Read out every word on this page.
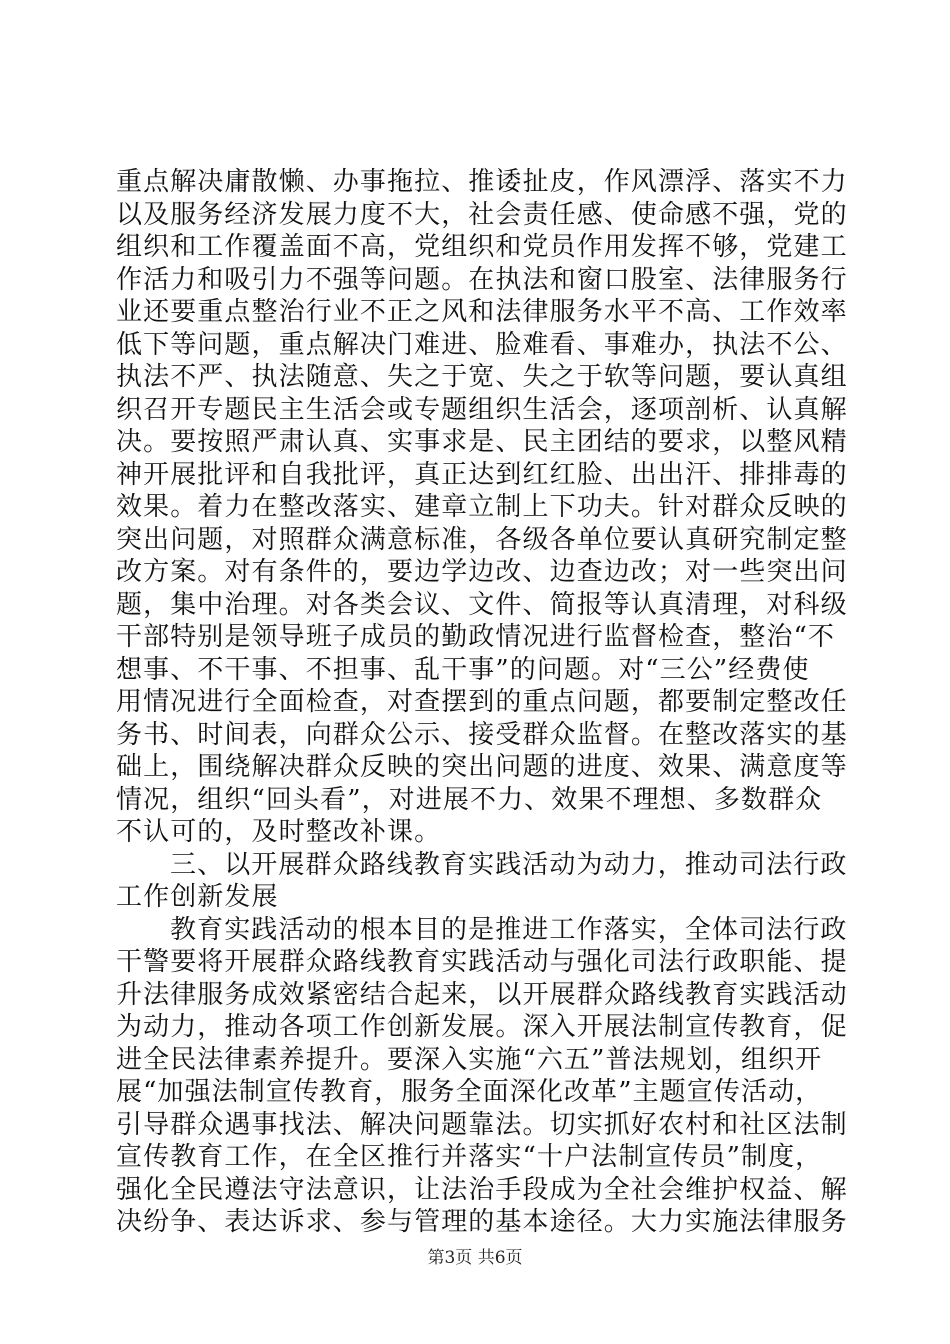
重点解决庸散懒、办事拖拉、推诿扯皮，作风漂浮、落实不力
以及服务经济发展力度不大，社会责任感、使命感不强，党的
组织和工作覆盖面不高，党组织和党员作用发挥不够，党建工
作活力和吸引力不强等问题。在执法和窗口股室、法律服务行
业还要重点整治行业不正之风和法律服务水平不高、工作效率
低下等问题，重点解决门难进、脸难看、事难办，执法不公、
执法不严、执法随意、失之于宽、失之于软等问题，要认真组
织召开专题民主生活会或专题组织生活会，逐项剖析、认真解
决。要按照严肃认真、实事求是、民主团结的要求，以整风精
神开展批评和自我批评，真正达到红红脸、出出汗、排排毒的
效果。着力在整改落实、建章立制上下功夫。针对群众反映的
突出问题，对照群众满意标准，各级各单位要认真研究制定整
改方案。对有条件的，要边学边改、边查边改；对一些突出问
题，集中治理。对各类会议、文件、简报等认真清理，对科级
干部特别是领导班子成员的勤政情况进行监督检查，整治“不
想事、不干事、不担事、乱干事”的问题。对“三公”经费使
用情况进行全面检查，对查摆到的重点问题，都要制定整改任
务书、时间表，向群众公示、接受群众监督。在整改落实的基
础上，围绕解决群众反映的突出问题的进度、效果、满意度等
情况，组织“回头看”，对进展不力、效果不理想、多数群众
不认可的，及时整改补课。
三、以开展群众路线教育实践活动为动力，推动司法行政
工作创新发展
教育实践活动的根本目的是推进工作落实，全体司法行政
干警要将开展群众路线教育实践活动与强化司法行政职能、提
升法律服务成效紧密结合起来，以开展群众路线教育实践活动
为动力，推动各项工作创新发展。深入开展法制宣传教育，促
进全民法律素养提升。要深入实施“六五”普法规划，组织开
展“加强法制宣传教育，服务全面深化改革”主题宣传活动，
引导群众遇事找法、解决问题靠法。切实抓好农村和社区法制
宣传教育工作，在全区推行并落实“十户法制宣传员”制度，
强化全民遵法守法意识，让法治手段成为全社会维护权益、解
决纷争、表达诉求、参与管理的基本途径。大力实施法律服务
第3页 共6页
